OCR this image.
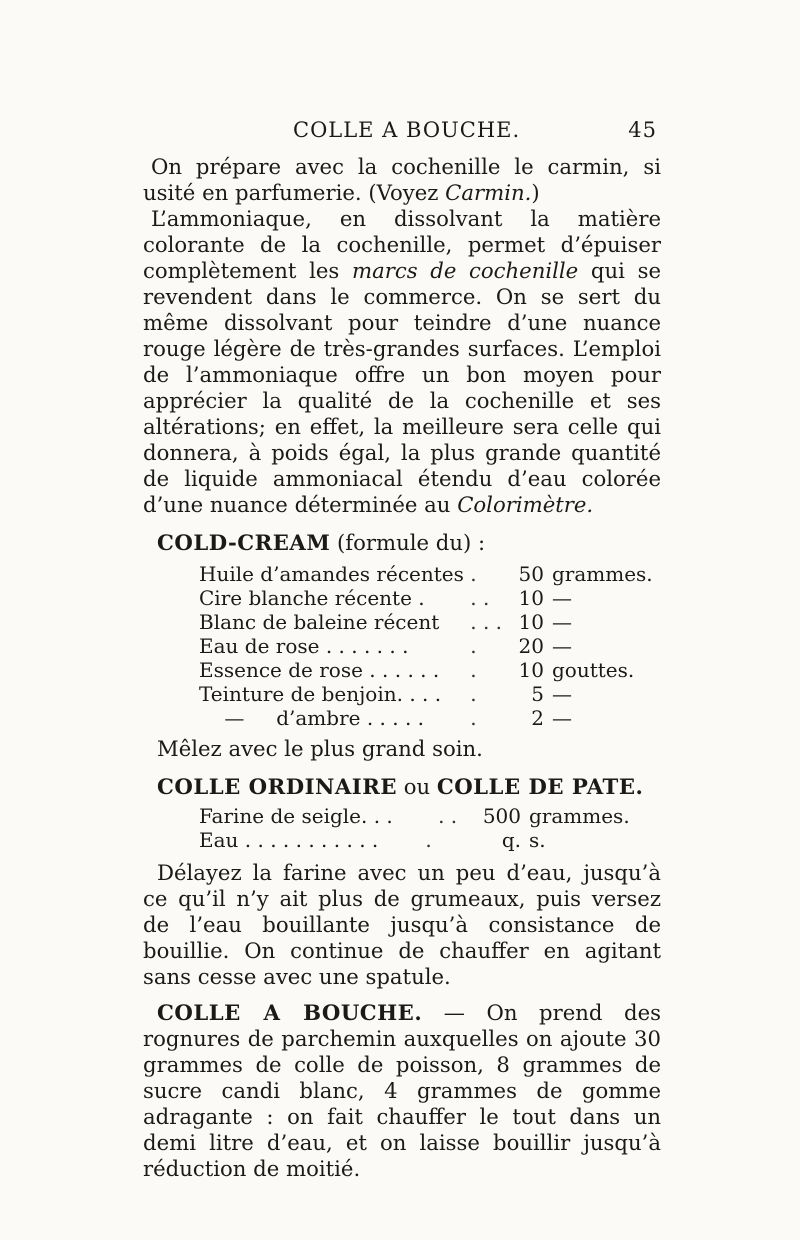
COLLE A BOUCHE.	45

On prépare avec la cochenille le carmin, si usité en parfumerie. (Voyez Carmin.)

L’ammoniaque, en dissolvant la matière colorante de la cochenille, permet d’épuiser complètement les marcs de cochenille qui se revendent dans le commerce. On se sert du même dissolvant pour teindre d’une nuance rouge légère de très-grandes surfaces. L’emploi de l’ammoniaque offre un bon moyen pour apprécier la qualité de la cochenille et ses altérations; en effet, la meilleure sera celle qui donnera, à poids égal, la plus grande quantité de liquide ammoniacal étendu d’eau colorée d’une nuance déterminée au Colorimètre.

COLD-CREAM (formule du) :
Huile d’amandes récentes	.	50	grammes.
Cire blanche récente .	. .	10	—
Blanc de baleine récent	. . .	10	—
Eau de rose . . . . . . .	.	20	—
Essence de rose . . . . . .	.	10	gouttes.
Teinture de benjoin. . . .	.	5	—
—     d’ambre . . . . .	.	2	—

Mêlez avec le plus grand soin.

COLLE ORDINAIRE ou COLLE DE PATE.
Farine de seigle. . .	. .	500	grammes.
Eau . . . . . . . . . . .	.	q.	s.

Délayez la farine avec un peu d’eau, jusqu’à ce qu’il n’y ait plus de grumeaux, puis versez de l’eau bouillante jusqu’à consistance de bouillie. On continue de chauffer en agitant sans cesse avec une spatule.

COLLE A BOUCHE. — On prend des rognures de parchemin auxquelles on ajoute 30 grammes de colle de poisson, 8 grammes de sucre candi blanc, 4 grammes de gomme adragante : on fait chauffer le tout dans un demi litre d’eau, et on laisse bouillir jusqu’à réduction de moitié.
